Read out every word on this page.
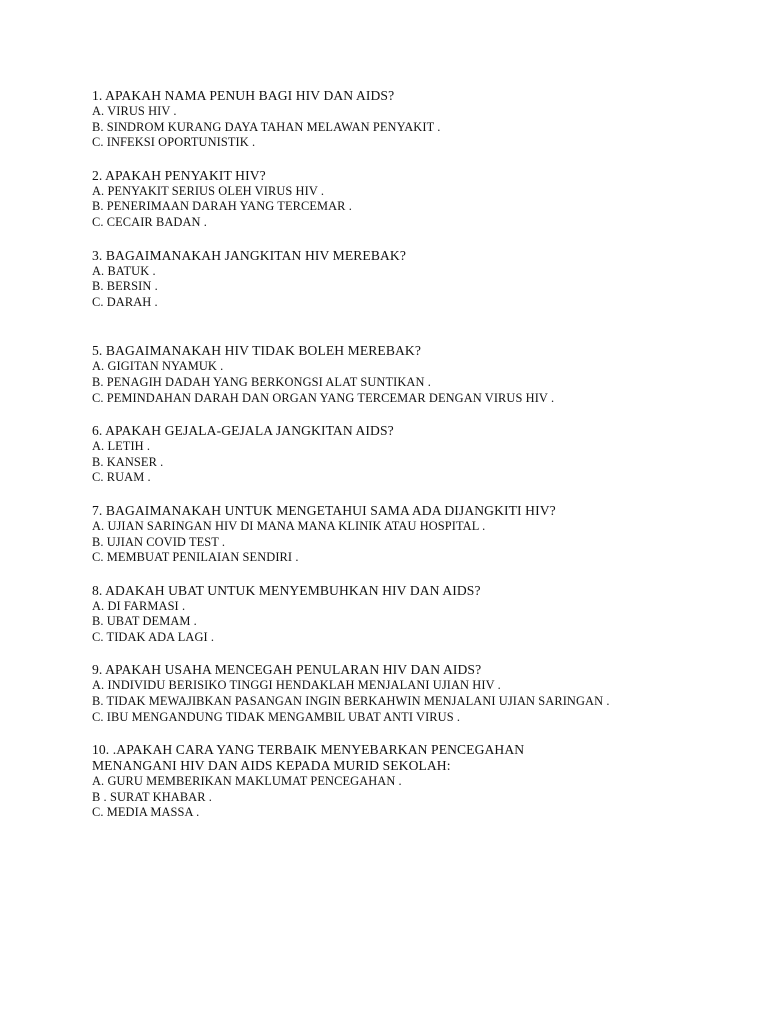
1. APAKAH NAMA PENUH BAGI HIV DAN AIDS?
A. VIRUS HIV .
B. SINDROM KURANG DAYA TAHAN MELAWAN PENYAKIT .
C. INFEKSI OPORTUNISTIK .
2. APAKAH PENYAKIT HIV?
A. PENYAKIT SERIUS OLEH VIRUS HIV .
B. PENERIMAAN DARAH YANG TERCEMAR .
C. CECAIR BADAN .
3. BAGAIMANAKAH JANGKITAN HIV MEREBAK?
A. BATUK .
B. BERSIN .
C. DARAH .
5. BAGAIMANAKAH HIV TIDAK BOLEH MEREBAK?
A. GIGITAN NYAMUK .
B. PENAGIH DADAH YANG BERKONGSI ALAT SUNTIKAN .
C. PEMINDAHAN DARAH DAN ORGAN YANG TERCEMAR DENGAN VIRUS HIV .
6. APAKAH GEJALA-GEJALA JANGKITAN AIDS?
A. LETIH .
B. KANSER .
C. RUAM .
7. BAGAIMANAKAH UNTUK MENGETAHUI SAMA ADA DIJANGKITI HIV?
A. UJIAN SARINGAN HIV DI MANA MANA KLINIK ATAU HOSPITAL .
B. UJIAN COVID TEST .
C. MEMBUAT PENILAIAN SENDIRI .
8. ADAKAH UBAT UNTUK MENYEMBUHKAN HIV DAN AIDS?
A. DI FARMASI .
B. UBAT DEMAM .
C. TIDAK ADA LAGI .
9. APAKAH USAHA MENCEGAH PENULARAN HIV DAN AIDS?
A. INDIVIDU BERISIKO TINGGI HENDAKLAH MENJALANI UJIAN HIV .
B. TIDAK MEWAJIBKAN PASANGAN INGIN BERKAHWIN MENJALANI UJIAN SARINGAN .
C. IBU MENGANDUNG TIDAK MENGAMBIL UBAT ANTI VIRUS .
10. .APAKAH CARA YANG TERBAIK MENYEBARKAN PENCEGAHAN MENANGANI HIV DAN AIDS KEPADA MURID SEKOLAH:
A. GURU MEMBERIKAN MAKLUMAT PENCEGAHAN .
B . SURAT KHABAR .
C. MEDIA MASSA .
